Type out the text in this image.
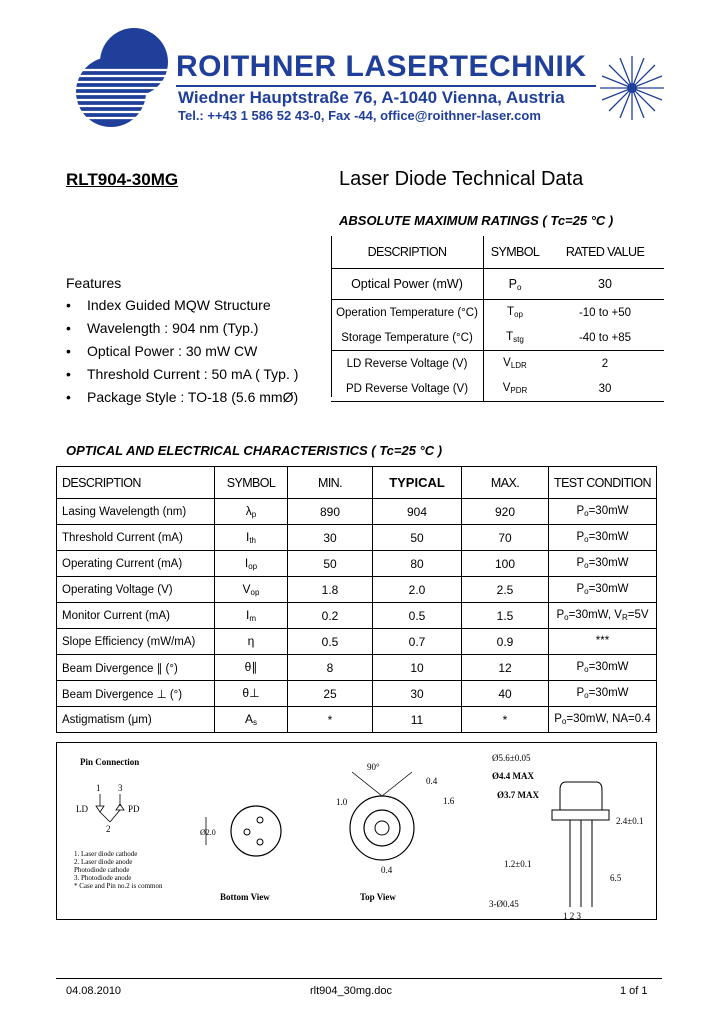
ROITHNER LASERTECHNIK
Wiedner Hauptstraße 76, A-1040 Vienna, Austria
Tel.: ++43 1 586 52 43-0, Fax -44, office@roithner-laser.com
RLT904-30MG	Laser Diode Technical Data
ABSOLUTE MAXIMUM RATINGS ( Tc=25 °C )
DESCRIPTION	SYMBOL	RATED VALUE
Optical Power (mW)	$P_o$	30
Operation Temperature (°C)	$T_{op}$	-10 to +50
Storage Temperature (°C)	$T_{stg}$	-40 to +85
LD Reverse Voltage (V)	$V_{LDR}$	2
PD Reverse Voltage (V)	$V_{PDR}$	30
Features
• Index Guided MQW Structure
• Wavelength : 904 nm (Typ.)
• Optical Power : 30 mW CW
• Threshold Current : 50 mA ( Typ. )
• Package Style : TO-18 (5.6 mmØ)
OPTICAL AND ELECTRICAL CHARACTERISTICS ( Tc=25 °C )
DESCRIPTION	SYMBOL	MIN.	TYPICAL	MAX.	TEST CONDITION
Lasing Wavelength (nm)	$\lambda_p$	890	904	920	$P_o=30mW$
Threshold Current (mA)	$I_{th}$	30	50	70	$P_o=30mW$
Operating Current (mA)	$I_{op}$	50	80	100	$P_o=30mW$
Operating Voltage (V)	$V_{op}$	1.8	2.0	2.5	$P_o=30mW$
Monitor Current (mA)	$I_m$	0.2	0.5	1.5	$P_o=30mW$, $V_R=5V$
Slope Efficiency (mW/mA)	η	0.5	0.7	0.9	***
Beam Divergence ∥ (°)	θ∥	8	10	12	$P_o=30mW$
Beam Divergence ⊥ (°)	θ⊥	25	30	40	$P_o=30mW$
Astigmatism (μm)	$A_s$	*	11	*	$P_o=30mW$, NA=0.4
Pin Connection
1 3
LD	PD
2
1. Laser diode cathode
2. Laser diode anode
Photodiode cathode
3. Photodiode anode
* Case and Pin no.2 is common
Ø2.0
Bottom View
90°
0.4
1.0	1.6
0.4
Top View
Ø5.6±0.05
Ø4.4 MAX
Ø3.7 MAX
2.4±0.1
1.2±0.1
6.5
3-Ø0.45
1 2 3
04.08.2010	rlt904_30mg.doc	1 of 1
